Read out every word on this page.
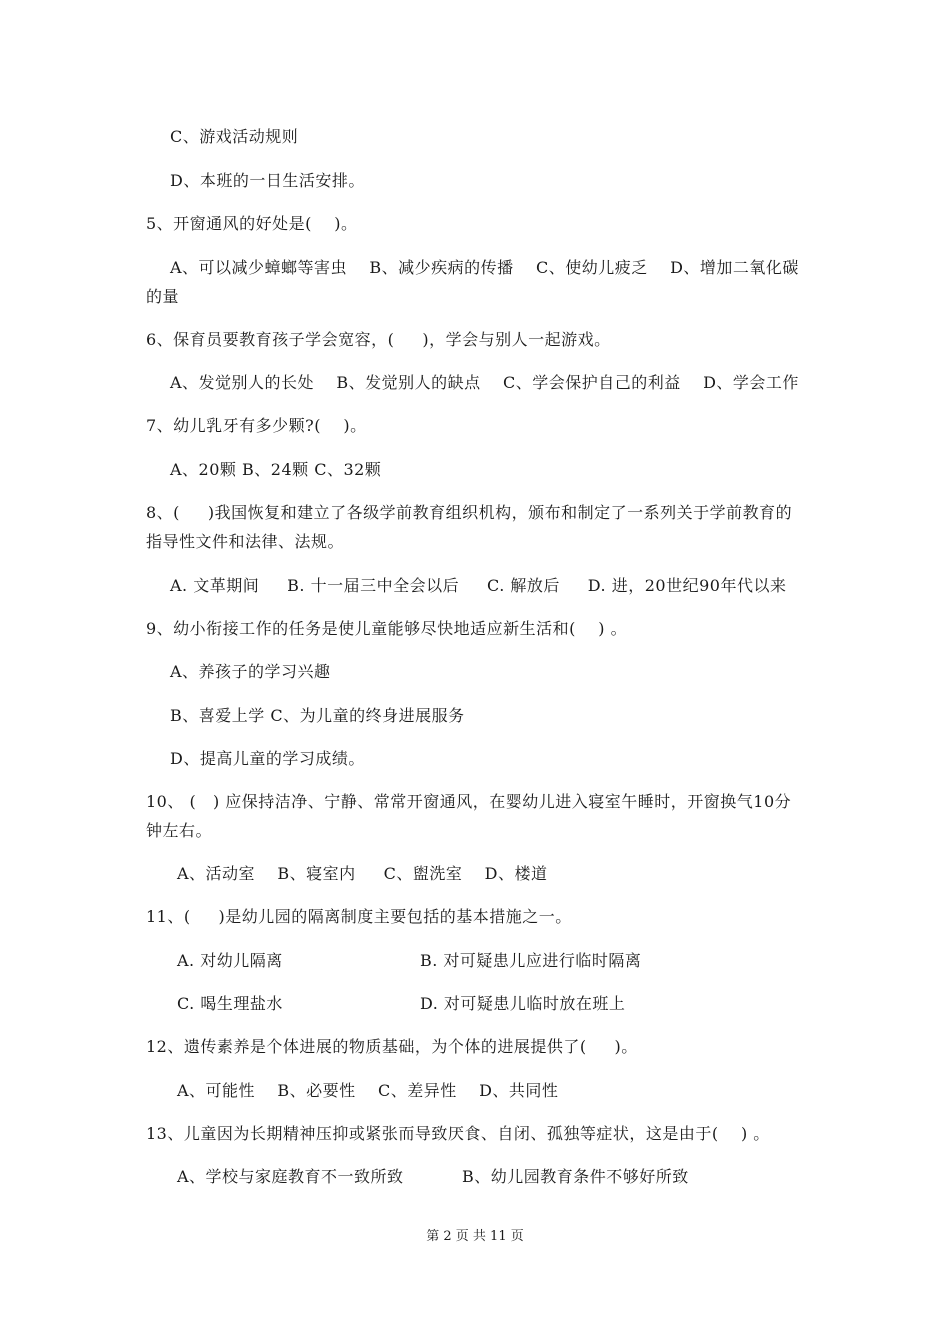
C、游戏活动规则
D、本班的一日生活安排。
5、开窗通风的好处是(    )。
A、可以减少蟑螂等害虫    B、减少疾病的传播    C、使幼儿疲乏    D、增加二氧化碳
的量
6、保育员要教育孩子学会宽容，(     )，学会与别人一起游戏。
A、发觉别人的长处    B、发觉别人的缺点    C、学会保护自己的利益    D、学会工作
7、幼儿乳牙有多少颗?(    )。
A、20颗 B、24颗 C、32颗
8、(     )我国恢复和建立了各级学前教育组织机构，颁布和制定了一系列关于学前教育的
指导性文件和法律、法规。
A. 文革期间     B. 十一届三中全会以后     C. 解放后     D. 进，20世纪90年代以来
9、幼小衔接工作的任务是使儿童能够尽快地适应新生活和(    ) 。
A、养孩子的学习兴趣
B、喜爱上学 C、为儿童的终身进展服务
D、提高儿童的学习成绩。
10、 (   ) 应保持洁净、宁静、常常开窗通风，在婴幼儿进入寝室午睡时，开窗换气10分
钟左右。
A、活动室    B、寝室内     C、盥洗室    D、楼道
11、(     )是幼儿园的隔离制度主要包括的基本措施之一。
A. 对幼儿隔离	B. 对可疑患儿应进行临时隔离
C. 喝生理盐水	D. 对可疑患儿临时放在班上
12、遗传素养是个体进展的物质基础，为个体的进展提供了(     )。
A、可能性    B、必要性    C、差异性    D、共同性
13、儿童因为长期精神压抑或紧张而导致厌食、自闭、孤独等症状，这是由于(    ) 。
A、学校与家庭教育不一致所致	B、幼儿园教育条件不够好所致
第 2 页 共 11 页
